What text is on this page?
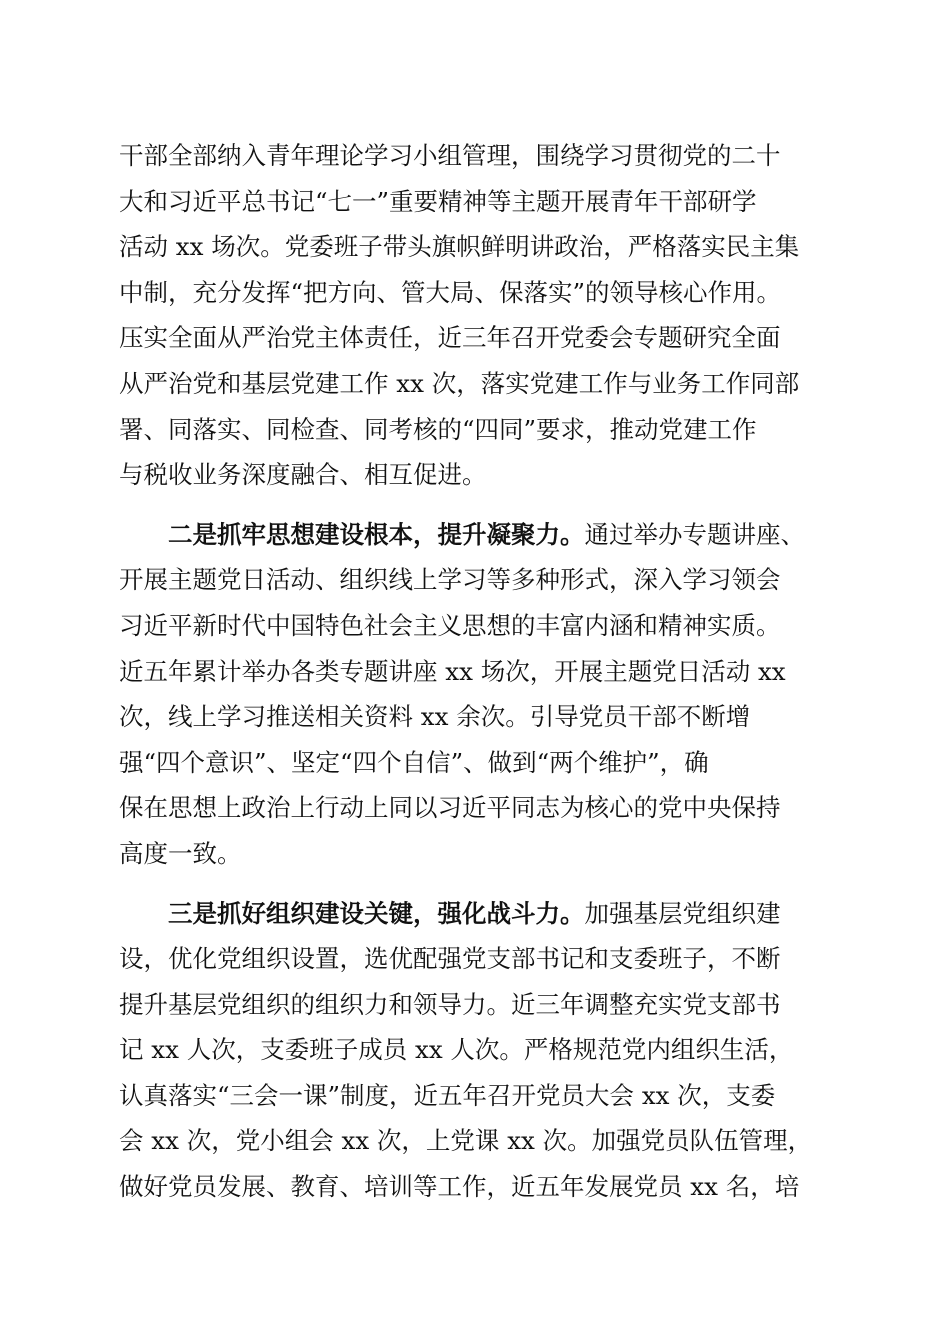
干部全部纳入青年理论学习小组管理，围绕学习贯彻党的二十
大和习近平总书记“七一”重要精神等主题开展青年干部研学
活动 xx 场次。党委班子带头旗帜鲜明讲政治，严格落实民主集
中制，充分发挥“把方向、管大局、保落实”的领导核心作用。
压实全面从严治党主体责任，近三年召开党委会专题研究全面
从严治党和基层党建工作 xx 次，落实党建工作与业务工作同部
署、同落实、同检查、同考核的“四同”要求，推动党建工作
与税收业务深度融合、相互促进。
二是抓牢思想建设根本，提升凝聚力。通过举办专题讲座、
开展主题党日活动、组织线上学习等多种形式，深入学习领会
习近平新时代中国特色社会主义思想的丰富内涵和精神实质。
近五年累计举办各类专题讲座 xx 场次，开展主题党日活动 xx
次，线上学习推送相关资料 xx 余次。引导党员干部不断增
强“四个意识”、坚定“四个自信”、做到“两个维护”，确
保在思想上政治上行动上同以习近平同志为核心的党中央保持
高度一致。
三是抓好组织建设关键，强化战斗力。加强基层党组织建
设，优化党组织设置，选优配强党支部书记和支委班子，不断
提升基层党组织的组织力和领导力。近三年调整充实党支部书
记 xx 人次，支委班子成员 xx 人次。严格规范党内组织生活，
认真落实“三会一课”制度，近五年召开党员大会 xx 次，支委
会 xx 次，党小组会 xx 次，上党课 xx 次。加强党员队伍管理，
做好党员发展、教育、培训等工作，近五年发展党员 xx 名，培
